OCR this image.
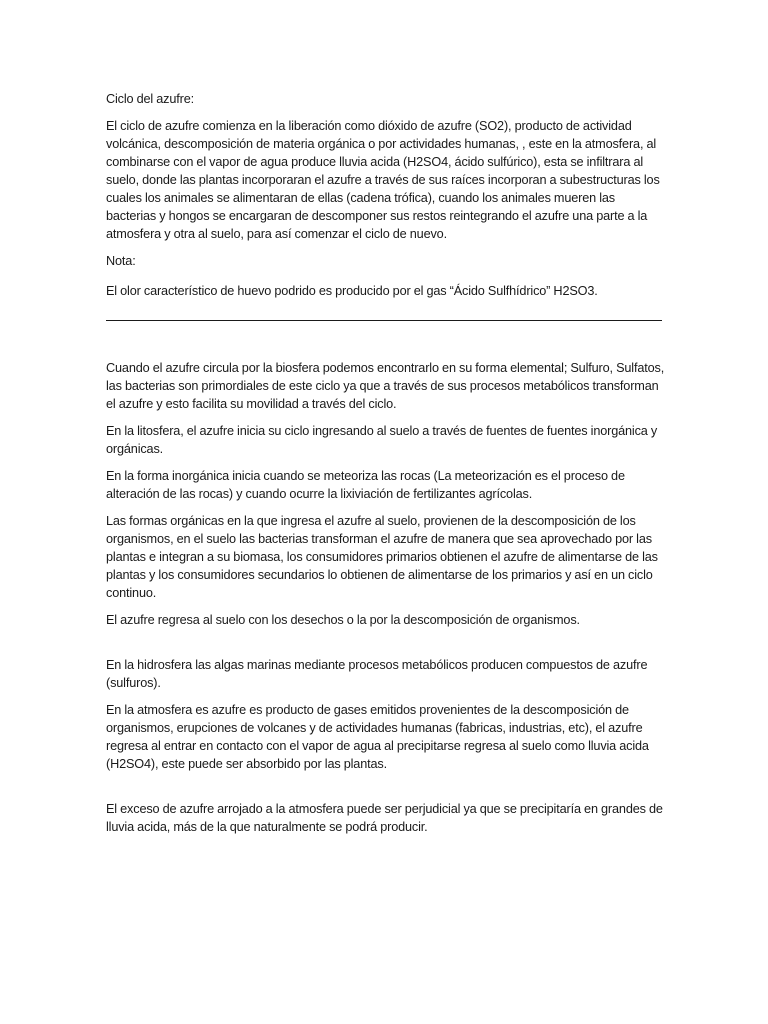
Ciclo del azufre:

El ciclo de azufre comienza en la liberación como dióxido de azufre (SO2), producto de actividad volcánica, descomposición de materia orgánica o por actividades humanas, , este en la atmosfera, al combinarse con el vapor de agua produce lluvia acida (H2SO4, ácido sulfúrico), esta se infiltrara al suelo, donde las plantas incorporaran el azufre a través de sus raíces incorporan a subestructuras los cuales los animales se alimentaran de ellas (cadena trófica), cuando los animales mueren las bacterias y hongos se encargaran de descomponer sus restos reintegrando el azufre una parte a la atmosfera y otra al suelo, para así comenzar el ciclo de nuevo.

Nota:

El olor característico de huevo podrido es producido por el gas “Ácido Sulfhídrico” H2SO3.

Cuando el azufre circula por la biosfera podemos encontrarlo en su forma elemental; Sulfuro, Sulfatos, las bacterias son primordiales de este ciclo ya que a través de sus procesos metabólicos transforman el azufre y esto facilita su movilidad a través del ciclo.

En la litosfera, el azufre inicia su ciclo ingresando al suelo a través de fuentes de fuentes inorgánica y orgánicas.

En la forma inorgánica inicia cuando se meteoriza las rocas (La meteorización es el proceso de alteración de las rocas) y cuando ocurre la lixiviación de fertilizantes agrícolas.

Las formas orgánicas en la que ingresa el azufre al suelo, provienen de la descomposición de los organismos, en el suelo las bacterias transforman el azufre de manera que sea aprovechado por las plantas e integran a su biomasa, los consumidores primarios obtienen el azufre de alimentarse de las plantas y los consumidores secundarios lo obtienen de alimentarse de los primarios y así en un ciclo continuo.

El azufre regresa al suelo con los desechos o la por la descomposición de organismos.

En la hidrosfera las algas marinas mediante procesos metabólicos producen compuestos de azufre (sulfuros).

En la atmosfera es azufre es producto de gases emitidos provenientes de la descomposición de organismos, erupciones de volcanes y de actividades humanas (fabricas, industrias, etc), el azufre regresa al entrar en contacto con el vapor de agua al precipitarse regresa al suelo como lluvia acida (H2SO4), este puede ser absorbido por las plantas.

El exceso de azufre arrojado a la atmosfera puede ser perjudicial ya que se precipitaría en grandes de lluvia acida, más de la que naturalmente se podrá producir.
